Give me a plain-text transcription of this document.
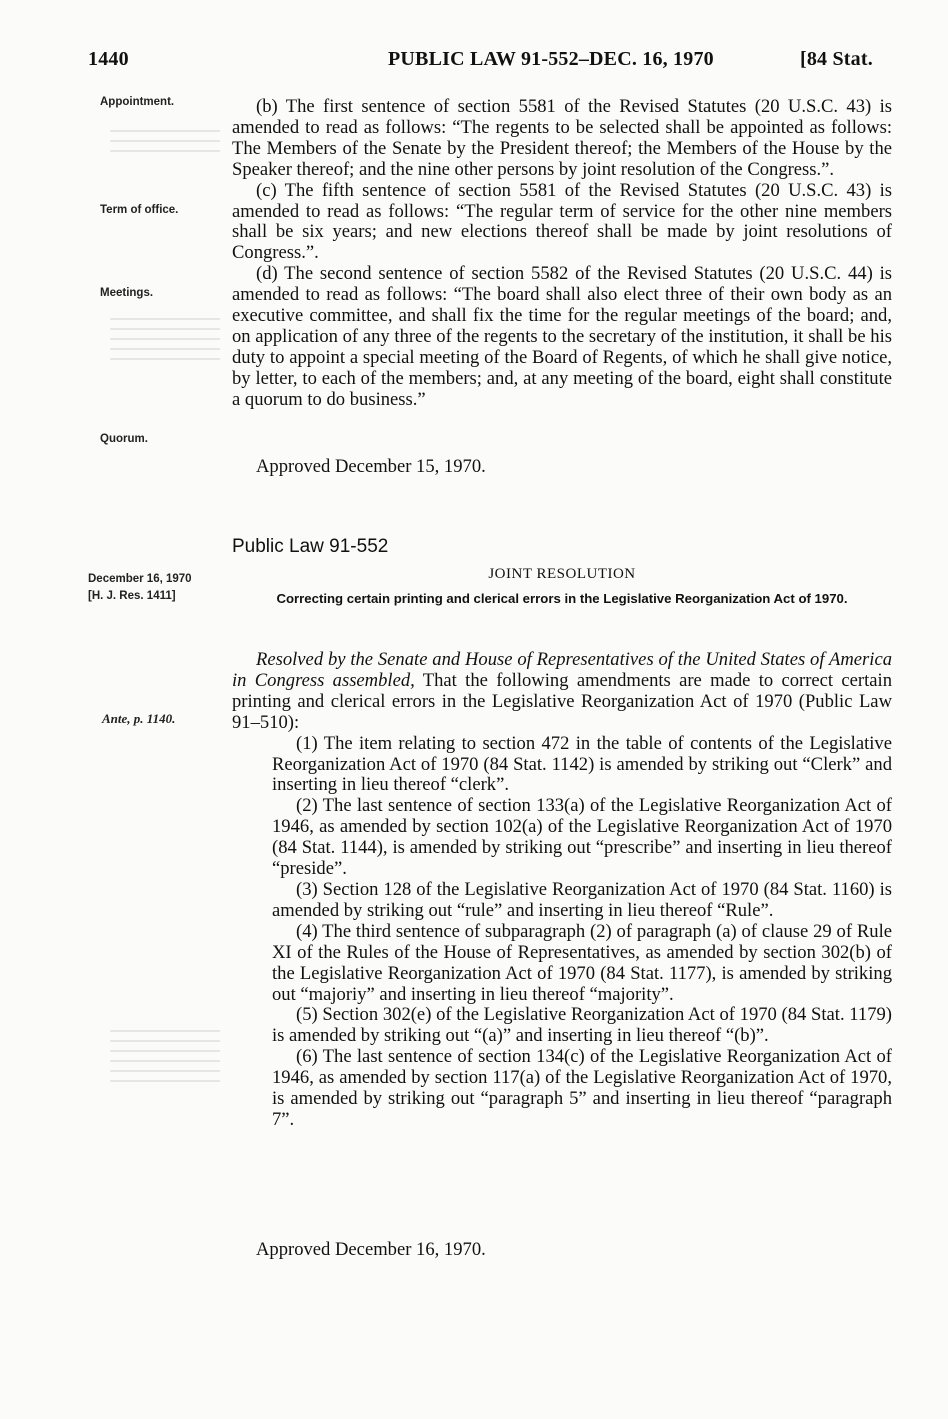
1440	PUBLIC LAW 91-552–DEC. 16, 1970	[84 Stat.
Appointment.
Term of office.
Meetings.
Quorum.
December 16, 1970
[H. J. Res. 1411]
Ante, p. 1140.

(b) The first sentence of section 5581 of the Revised Statutes (20 U.S.C. 43) is amended to read as follows: “The regents to be selected shall be appointed as follows: The Members of the Senate by the President thereof; the Members of the House by the Speaker thereof; and the nine other persons by joint resolution of the Congress.”.

(c) The fifth sentence of section 5581 of the Revised Statutes (20 U.S.C. 43) is amended to read as follows: “The regular term of service for the other nine members shall be six years; and new elections thereof shall be made by joint resolutions of Congress.”.

(d) The second sentence of section 5582 of the Revised Statutes (20 U.S.C. 44) is amended to read as follows: “The board shall also elect three of their own body as an executive committee, and shall fix the time for the regular meetings of the board; and, on application of any three of the regents to the secretary of the institution, it shall be his duty to appoint a special meeting of the Board of Regents, of which he shall give notice, by letter, to each of the members; and, at any meeting of the board, eight shall constitute a quorum to do business.”

Approved December 15, 1970.
Public Law 91-552
JOINT RESOLUTION
Correcting certain printing and clerical errors in the Legislative Reorganization Act of 1970.

Resolved by the Senate and House of Representatives of the United States of America in Congress assembled, That the following amendments are made to correct certain printing and clerical errors in the Legislative Reorganization Act of 1970 (Public Law 91–510):

(1) The item relating to section 472 in the table of contents of the Legislative Reorganization Act of 1970 (84 Stat. 1142) is amended by striking out “Clerk” and inserting in lieu thereof “clerk”.

(2) The last sentence of section 133(a) of the Legislative Reorganization Act of 1946, as amended by section 102(a) of the Legislative Reorganization Act of 1970 (84 Stat. 1144), is amended by striking out “prescribe” and inserting in lieu thereof “preside”.

(3) Section 128 of the Legislative Reorganization Act of 1970 (84 Stat. 1160) is amended by striking out “rule” and inserting in lieu thereof “Rule”.

(4) The third sentence of subparagraph (2) of paragraph (a) of clause 29 of Rule XI of the Rules of the House of Representatives, as amended by section 302(b) of the Legislative Reorganization Act of 1970 (84 Stat. 1177), is amended by striking out “majoriy” and inserting in lieu thereof “majority”.

(5) Section 302(e) of the Legislative Reorganization Act of 1970 (84 Stat. 1179) is amended by striking out “(a)” and inserting in lieu thereof “(b)”.

(6) The last sentence of section 134(c) of the Legislative Reorganization Act of 1946, as amended by section 117(a) of the Legislative Reorganization Act of 1970, is amended by striking out “paragraph 5” and inserting in lieu thereof “paragraph 7”.

Approved December 16, 1970.
